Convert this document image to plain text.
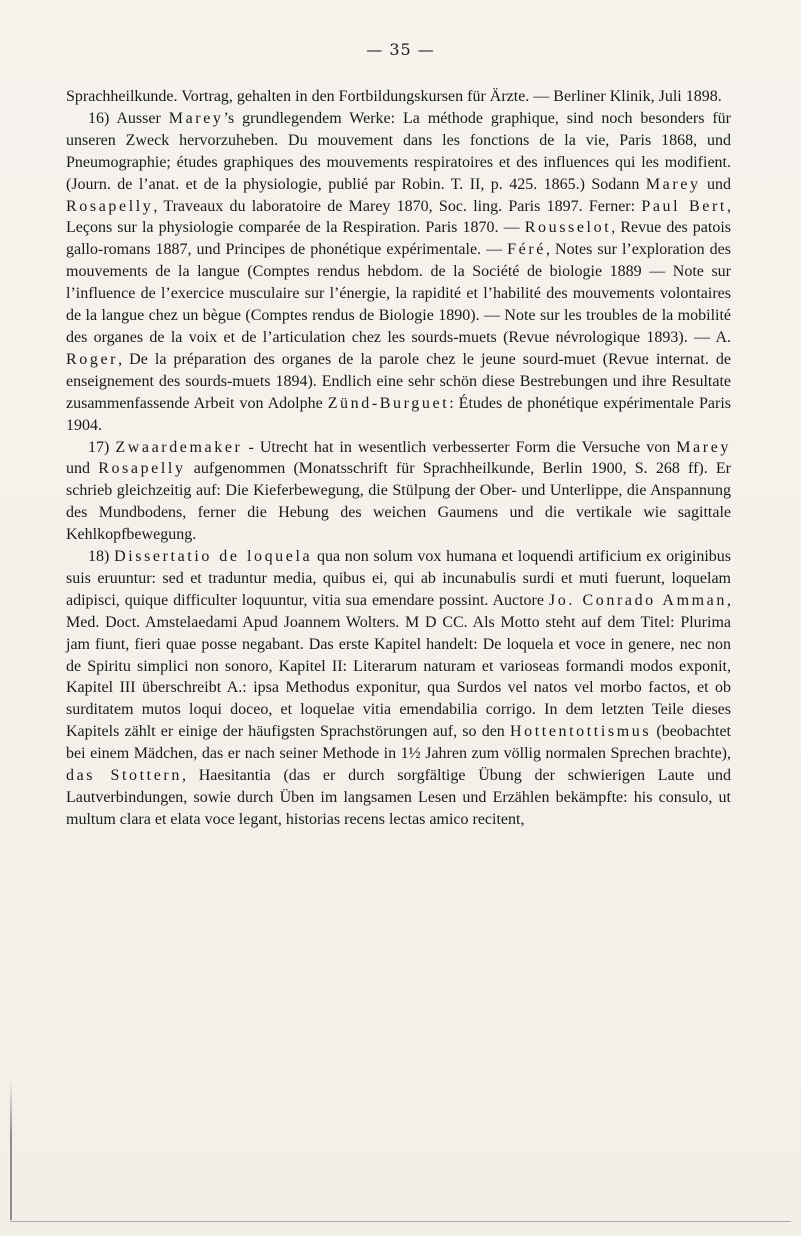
— 35 —

Sprachheilkunde. Vortrag, gehalten in den Fortbildungskursen für Ärzte. — Berliner Klinik, Juli 1898.

16) Ausser Marey’s grundlegendem Werke: La méthode graphique, sind noch besonders für unseren Zweck hervorzuheben. Du mouvement dans les fonctions de la vie, Paris 1868, und Pneumographie; études graphiques des mouvements respiratoires et des influences qui les modifient. (Journ. de l’anat. et de la physiologie, publié par Robin. T. II, p. 425. 1865.) Sodann Marey und Rosapelly, Traveaux du laboratoire de Marey 1870, Soc. ling. Paris 1897. Ferner: Paul Bert, Leçons sur la physiologie comparée de la Respiration. Paris 1870. — Rousselot, Revue des patois gallo-romans 1887, und Principes de phonétique expérimentale. — Féré, Notes sur l’exploration des mouvements de la langue (Comptes rendus hebdom. de la Société de biologie 1889 — Note sur l’influence de l’exercice musculaire sur l’énergie, la rapidité et l’habilité des mouvements volontaires de la langue chez un bègue (Comptes rendus de Biologie 1890). — Note sur les troubles de la mobilité des organes de la voix et de l’articulation chez les sourds-muets (Revue névrologique 1893). — A. Roger, De la préparation des organes de la parole chez le jeune sourd-muet (Revue internat. de enseignement des sourds-muets 1894). Endlich eine sehr schön diese Bestrebungen und ihre Resultate zusammenfassende Arbeit von Adolphe Zünd-Burguet: Études de phonétique expérimentale Paris 1904.

17) Zwaardemaker - Utrecht hat in wesentlich verbesserter Form die Versuche von Marey und Rosapelly aufgenommen (Monatsschrift für Sprachheilkunde, Berlin 1900, S. 268 ff). Er schrieb gleichzeitig auf: Die Kieferbewegung, die Stülpung der Ober- und Unterlippe, die Anspannung des Mundbodens, ferner die Hebung des weichen Gaumens und die vertikale wie sagittale Kehlkopfbewegung.

18) Dissertatio de loquela qua non solum vox humana et loquendi artificium ex originibus suis eruuntur: sed et traduntur media, quibus ei, qui ab incunabulis surdi et muti fuerunt, loquelam adipisci, quique difficulter loquuntur, vitia sua emendare possint. Auctore Jo. Conrado Amman, Med. Doct. Amstelaedami Apud Joannem Wolters. M D CC. Als Motto steht auf dem Titel: Plurima jam fiunt, fieri quae posse negabant. Das erste Kapitel handelt: De loquela et voce in genere, nec non de Spiritu simplici non sonoro, Kapitel II: Literarum naturam et varioseas formandi modos exponit, Kapitel III überschreibt A.: ipsa Methodus exponitur, qua Surdos vel natos vel morbo factos, et ob surditatem mutos loqui doceo, et loquelae vitia emendabilia corrigo. In dem letzten Teile dieses Kapitels zählt er einige der häufigsten Sprachstörungen auf, so den Hottentottismus (beobachtet bei einem Mädchen, das er nach seiner Methode in 1½ Jahren zum völlig normalen Sprechen brachte), das Stottern, Haesitantia (das er durch sorgfältige Übung der schwierigen Laute und Lautverbindungen, sowie durch Üben im langsamen Lesen und Erzählen bekämpfte: his consulo, ut multum clara et elata voce legant, historias recens lectas amico recitent,
